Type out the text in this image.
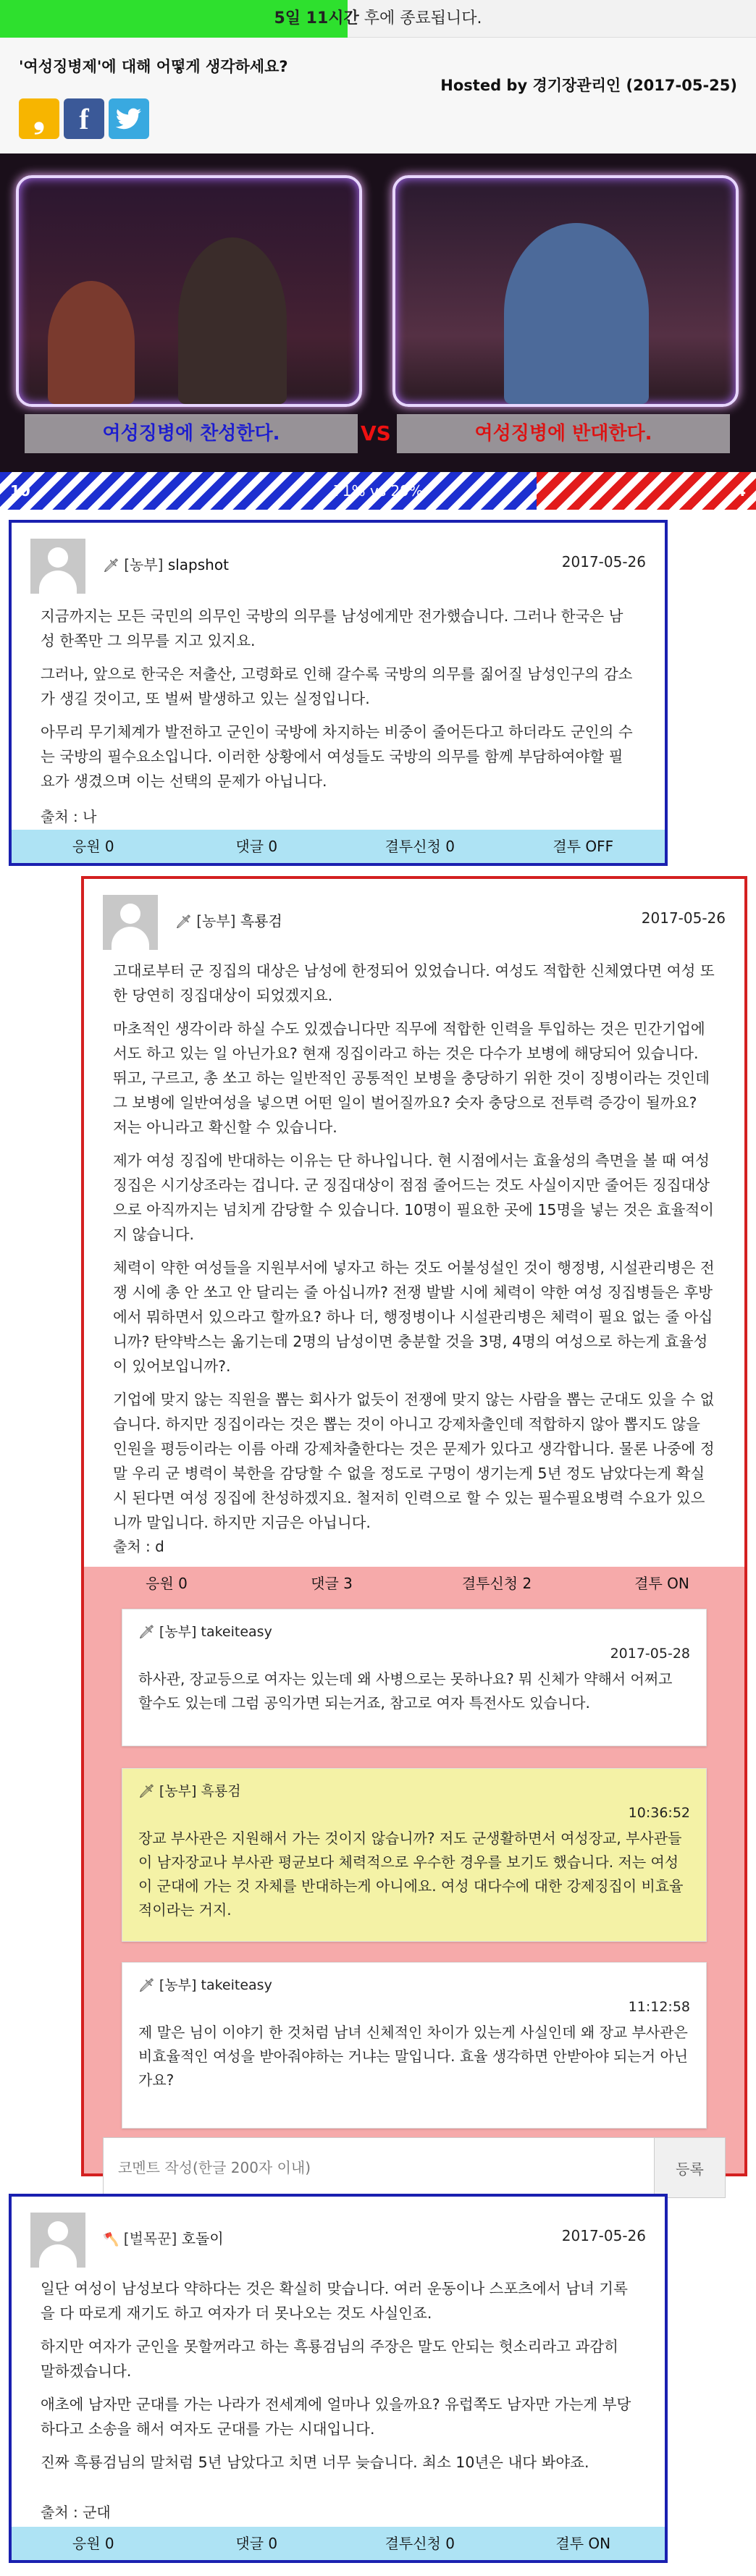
5일 11시간 후에 종료됩니다.
'여성징병제'에 대해 어떻게 생각하세요?
Hosted by 경기장관리인 (2017-05-25)
❟	f
여성징병에 찬성한다.	VS	여성징병에 반대한다.
10	71% vs 29%	4
🗡 [농부] slapshot	2017-05-26

지금까지는 모든 국민의 의무인 국방의 의무를 남성에게만 전가했습니다. 그러나 한국은 남성 한쪽만 그 의무를 지고 있지요.

그러나, 앞으로 한국은 저출산, 고령화로 인해 갈수록 국방의 의무를 짊어질 남성인구의 감소가 생길 것이고, 또 벌써 발생하고 있는 실정입니다.

아무리 무기체계가 발전하고 군인이 국방에 차지하는 비중이 줄어든다고 하더라도 군인의 수는 국방의 필수요소입니다. 이러한 상황에서 여성들도 국방의 의무를 함께 부담하여야할 필요가 생겼으며 이는 선택의 문제가 아닙니다.

출처 : 나
응원 0	댓글 0	결투신청 0	결투 OFF
🗡 [농부] 흑룡검	2017-05-26

고대로부터 군 징집의 대상은 남성에 한정되어 있었습니다. 여성도 적합한 신체였다면 여성 또한 당연히 징집대상이 되었겠지요.

마초적인 생각이라 하실 수도 있겠습니다만 직무에 적합한 인력을 투입하는 것은 민간기업에서도 하고 있는 일 아닌가요? 현재 징집이라고 하는 것은 다수가 보병에 해당되어 있습니다. 뛰고, 구르고, 총 쏘고 하는 일반적인 공통적인 보병을 충당하기 위한 것이 징병이라는 것인데 그 보병에 일반여성을 넣으면 어떤 일이 벌어질까요? 숫자 충당으로 전투력 증강이 될까요? 저는 아니라고 확신할 수 있습니다.

제가 여성 징집에 반대하는 이유는 단 하나입니다. 현 시점에서는 효율성의 측면을 볼 때 여성 징집은 시기상조라는 겁니다. 군 징집대상이 점점 줄어드는 것도 사실이지만 줄어든 징집대상으로 아직까지는 넘치게 감당할 수 있습니다. 10명이 필요한 곳에 15명을 넣는 것은 효율적이지 않습니다.

체력이 약한 여성들을 지원부서에 넣자고 하는 것도 어불성설인 것이 행정병, 시설관리병은 전쟁 시에 총 안 쏘고 안 달리는 줄 아십니까? 전쟁 발발 시에 체력이 약한 여성 징집병들은 후방에서 뭐하면서 있으라고 할까요? 하나 더, 행정병이나 시설관리병은 체력이 필요 없는 줄 아십니까? 탄약박스는 옮기는데 2명의 남성이면 충분할 것을 3명, 4명의 여성으로 하는게 효율성이 있어보입니까?.

기업에 맞지 않는 직원을 뽑는 회사가 없듯이 전쟁에 맞지 않는 사람을 뽑는 군대도 있을 수 없습니다. 하지만 징집이라는 것은 뽑는 것이 아니고 강제차출인데 적합하지 않아 뽑지도 않을 인원을 평등이라는 이름 아래 강제차출한다는 것은 문제가 있다고 생각합니다. 물론 나중에 정말 우리 군 병력이 북한을 감당할 수 없을 정도로 구멍이 생기는게 5년 정도 남았다는게 확실시 된다면 여성 징집에 찬성하겠지요. 철저히 인력으로 할 수 있는 필수필요병력 수요가 있으니까 말입니다. 하지만 지금은 아닙니다.

출처 : d
응원 0	댓글 3	결투신청 2	결투 ON
🗡 [농부] takeiteasy
2017-05-28
하사관, 장교등으로 여자는 있는데 왜 사병으로는 못하나요? 뭐 신체가 약해서 어쩌고 할수도 있는데 그럼 공익가면 되는거죠, 참고로 여자 특전사도 있습니다.
🗡 [농부] 흑룡검
10:36:52
장교 부사관은 지원해서 가는 것이지 않습니까? 저도 군생활하면서 여성장교, 부사관들이 남자장교나 부사관 평균보다 체력적으로 우수한 경우를 보기도 했습니다. 저는 여성이 군대에 가는 것 자체를 반대하는게 아니에요. 여성 대다수에 대한 강제징집이 비효율적이라는 거지.
🗡 [농부] takeiteasy
11:12:58
제 말은 님이 이야기 한 것처럼 남녀 신체적인 차이가 있는게 사실인데 왜 장교 부사관은 비효율적인 여성을 받아줘야하는 거냐는 말입니다. 효율 생각하면 안받아야 되는거 아닌가요?
코멘트 작성(한글 200자 이내)
등록
🪓 [벌목꾼] 호돌이	2017-05-26

일단 여성이 남성보다 약하다는 것은 확실히 맞습니다. 여러 운동이나 스포츠에서 남녀 기록을 다 따로게 재기도 하고 여자가 더 못나오는 것도 사실인죠.

하지만 여자가 군인을 못할꺼라고 하는 흑룡검님의 주장은 말도 안되는 헛소리라고 과감히 말하겠습니다.

애초에 남자만 군대를 가는 나라가 전세계에 얼마나 있을까요? 유럽쪽도 남자만 가는게 부당하다고 소송을 해서 여자도 군대를 가는 시대입니다.

진짜 흑룡검님의 말처럼 5년 남았다고 치면 너무 늦습니다. 최소 10년은 내다 봐야죠.

출처 : 군대
응원 0	댓글 0	결투신청 0	결투 ON
